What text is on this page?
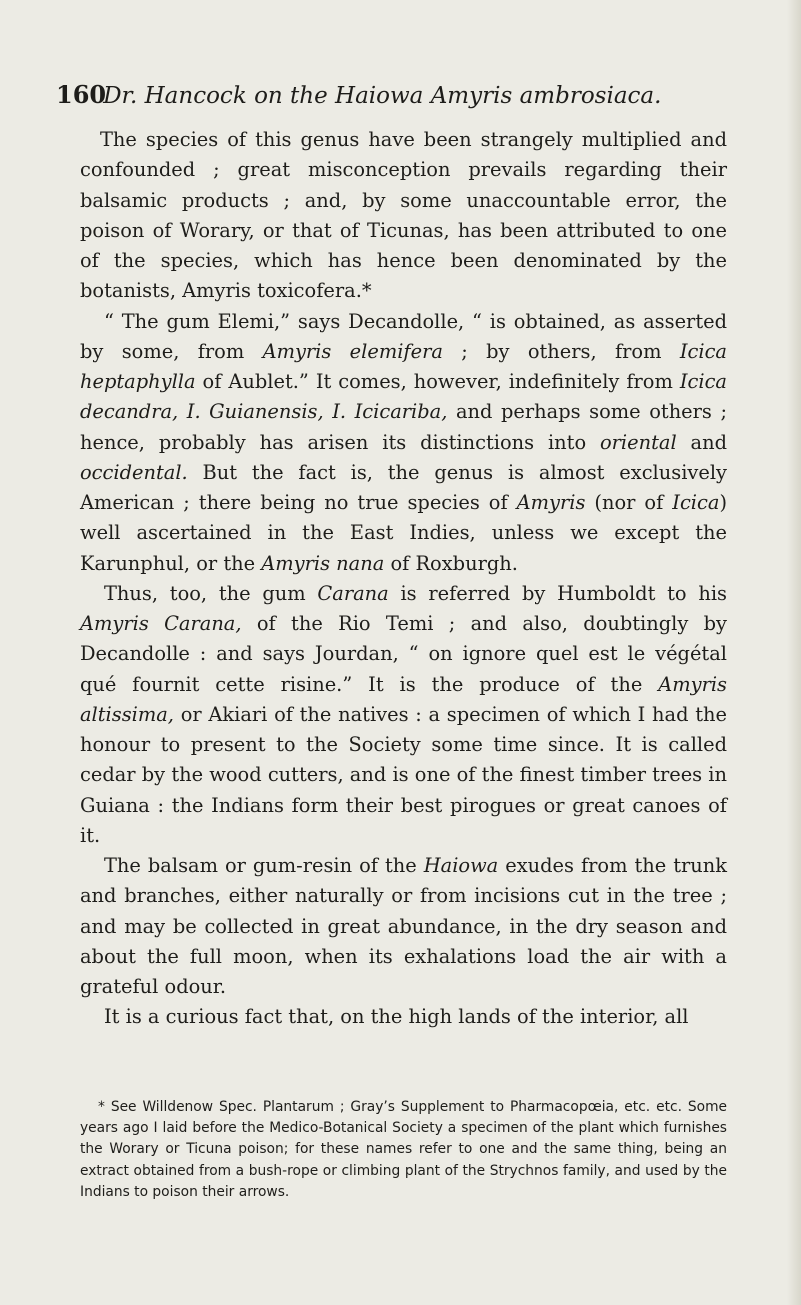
160 Dr. Hancock on the Haiowa Amyris ambrosiaca.

The species of this genus have been strangely multiplied and confounded ; great misconception prevails regarding their balsamic products ; and, by some unaccountable error, the poison of Worary, or that of Ticunas, has been attributed to one of the species, which has hence been denominated by the botanists, Amyris toxicofera.*

“ The gum Elemi,” says Decandolle, “ is obtained, as asserted by some, from Amyris elemifera ; by others, from Icica heptaphylla of Aublet.” It comes, however, indefinitely from Icica decandra, I. Guianensis, I. Icicariba, and perhaps some others ; hence, probably has arisen its distinctions into oriental and occidental. But the fact is, the genus is almost exclusively American ; there being no true species of Amyris (nor of Icica) well ascertained in the East Indies, unless we except the Karunphul, or the Amyris nana of Roxburgh.

Thus, too, the gum Carana is referred by Humboldt to his Amyris Carana, of the Rio Temi ; and also, doubtingly by Decandolle : and says Jourdan, “ on ignore quel est le végétal qué fournit cette risine.” It is the produce of the Amyris altissima, or Akiari of the natives : a specimen of which I had the honour to present to the Society some time since. It is called cedar by the wood cutters, and is one of the finest timber trees in Guiana : the Indians form their best pirogues or great canoes of it.

The balsam or gum-resin of the Haiowa exudes from the trunk and branches, either naturally or from incisions cut in the tree ; and may be collected in great abundance, in the dry season and about the full moon, when its exhalations load the air with a grateful odour.

It is a curious fact that, on the high lands of the interior, all

* See Willdenow Spec. Plantarum ; Gray’s Supplement to Pharmacopœia, etc. etc. Some years ago I laid before the Medico-Botanical Society a specimen of the plant which furnishes the Worary or Ticuna poison; for these names refer to one and the same thing, being an extract obtained from a bush-rope or climbing plant of the Strychnos family, and used by the Indians to poison their arrows.
